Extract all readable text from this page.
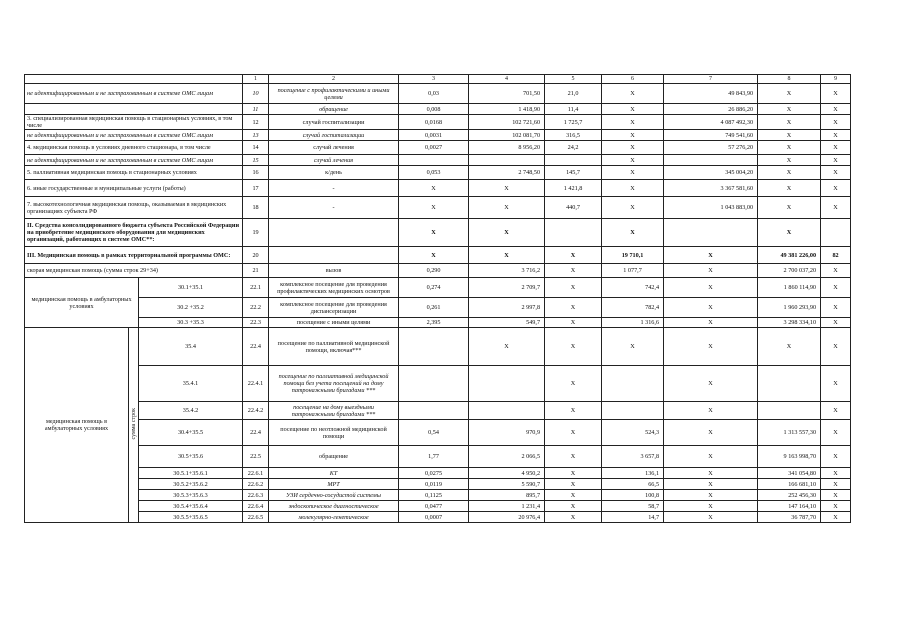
			1	2	3	4	5	6	7	8	9
не идентифицированным и не застрахованным в системе ОМС лицам			10	посещение с профилактическими и иными целями	0,03	701,50	21,0	X	49 843,90	X	X
			11	обращение	0,008	1 418,90	11,4	X	26 886,20	X	X
3. специализированная медицинская помощь в стационарных условиях, в том числе			12	случай госпитализации	0,0168	102 721,60	1 725,7	X	4 087 492,30	X	X
не идентифицированным и не застрахованным в системе ОМС лицам			13	случай госпитализации	0,0031	102 081,70	316,5	X	749 541,60	X	X
4. медицинская помощь в условиях дневного стационара, в том числе			14	случай лечения	0,0027	8 956,20	24,2	X	57 276,20	X	X
не идентифицированным и не застрахованным в системе ОМС лицам			15	случай лечения				X		X	X
5. паллиативная медицинская помощь в стационарных условиях			16	к/день	0,053	2 748,50	145,7	X	345 004,20	X	X
6. иные государственные и муниципальные услуги (работы)			17	-	X	X	1 421,8	X	3 367 581,60	X	X
7. высокотехнологичная медицинская помощь, оказываемая в медицинских организациях субъекта РФ			18	-	X	X	440,7	X	1 043 883,00	X	X
II. Средства консолидированного бюджета субъекта Российской Федерации на приобретение медицинского оборудования для медицинских организаций, работающих в системе ОМС**:			19		X	X		X		X	
III. Медицинская помощь в рамках территориальной программы ОМС:			20		X	X	X	19 710,1	X	49 381 226,00	82
скорая медицинская помощь (сумма строк 29+34)			21	вызов	0,290	3 716,2	X	1 077,7	X	2 700 037,20	X
медицинская помощь в амбулаторных условиях		30.1+35.1	22.1	комплексное посещение для проведения профилактических медицинских осмотров	0,274	2 709,7	X	742,4	X	1 860 114,90	X
		30.2 +35.2	22.2	комплексное посещение для проведения диспансеризации	0,261	2 997,8	X	782,4	X	1 960 293,90	X
		30.3 +35.3	22.3	посещение с иными целями	2,395	549,7	X	1 316,6	X	3 298 334,10	X
медицинская помощь в амбулаторных условиях	сумма строк	35.4	22.4	посещение по паллиативной медицинской помощи, включая***		X	X	X	X	X	X
		35.4.1	22.4.1	посещение по паллиативной медицинской помощи без учета посещений на дому патронажными бригадами ***			X		X		X
		35.4.2	22.4.2	посещение на дому выездными патронажными бригадами ***			X		X		X
		30.4+35.5	22.4	посещение по неотложной медицинской помощи	0,54	970,9	X	524,3	X	1 313 557,30	X
		30.5+35.6	22.5	обращение	1,77	2 066,5	X	3 657,8	X	9 163 998,70	X
		30.5.1+35.6.1	22.6.1	КТ	0,0275	4 950,2	X	136,1	X	341 054,80	X
		30.5.2+35.6.2	22.6.2	МРТ	0,0119	5 590,7	X	66,5	X	166 681,10	X
		30.5.3+35.6.3	22.6.3	УЗИ сердечно-сосудистой системы	0,1125	895,7	X	100,8	X	252 456,30	X
		30.5.4+35.6.4	22.6.4	эндоскопическое диагностическое	0,0477	1 231,4	X	58,7	X	147 164,10	X
		30.5.5+35.6.5	22.6.5	молекулярно-генетическое	0,0007	20 976,4	X	14,7	X	36 787,70	X
